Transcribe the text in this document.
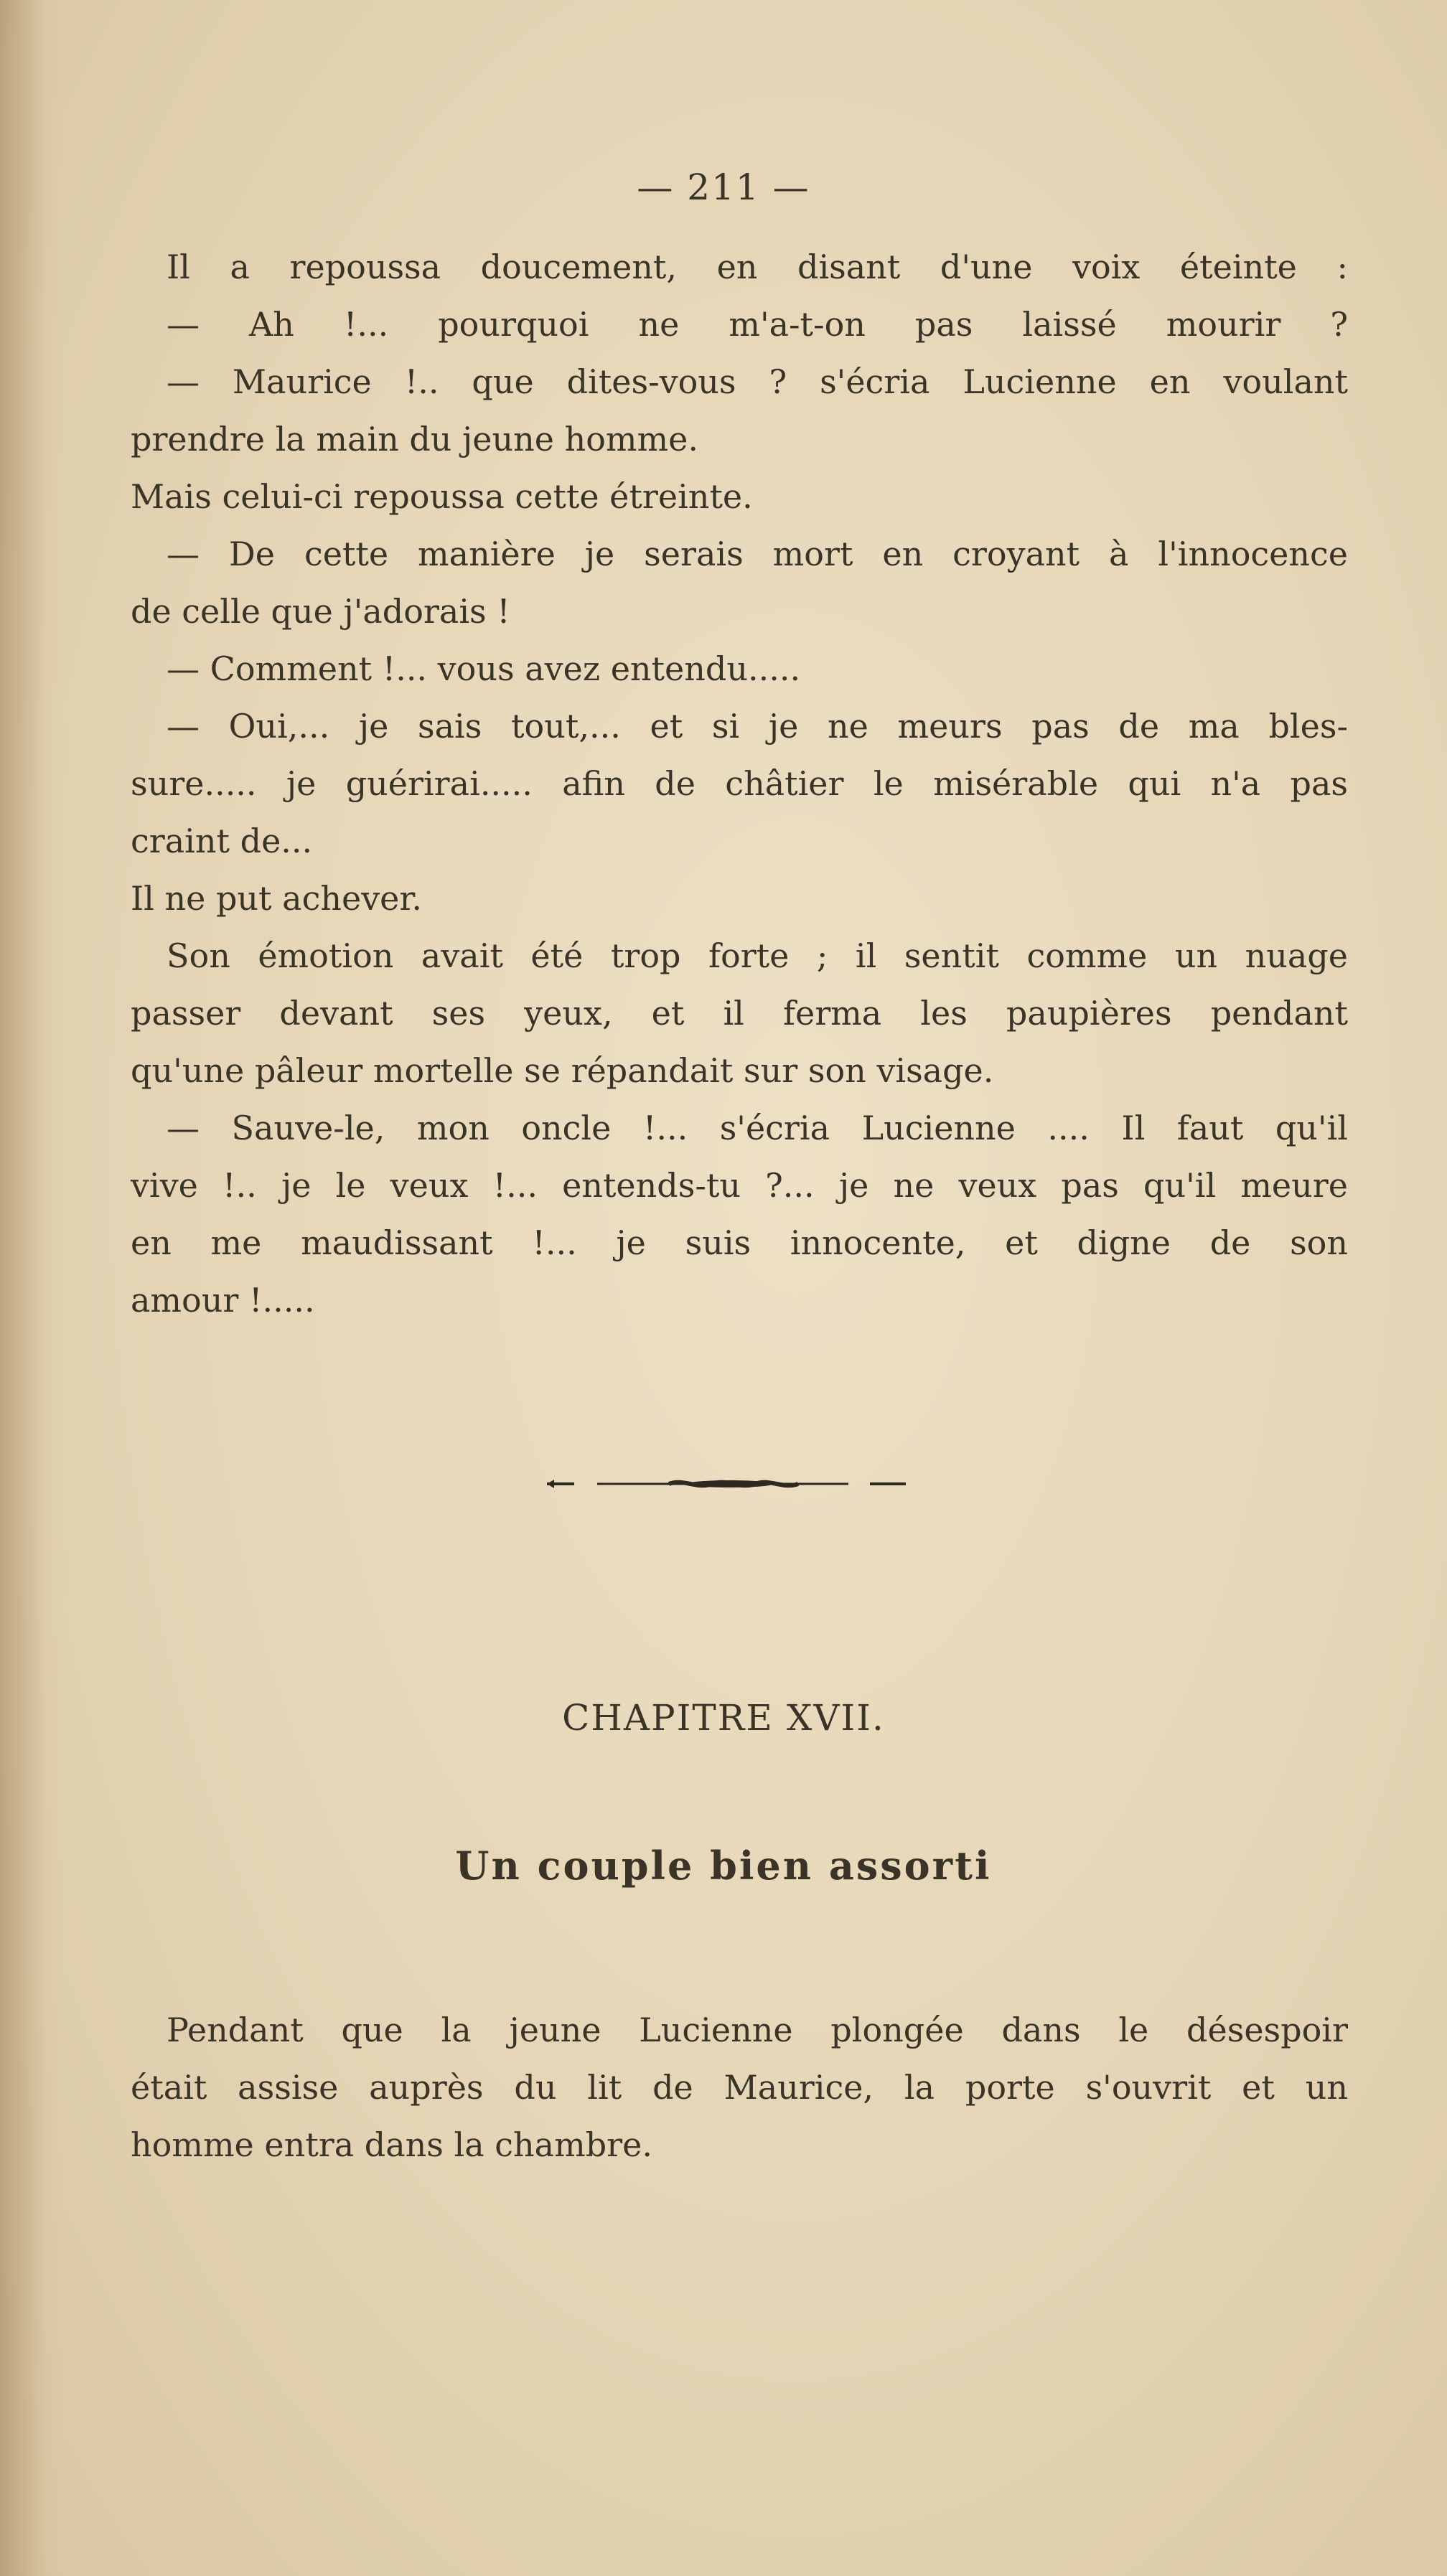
— 211 —
Il a repoussa doucement, en disant d'une voix éteinte :
— Ah !... pourquoi ne m'a-t-on pas laissé mourir ?
— Maurice !.. que dites-vous ? s'écria Lucienne en voulant
prendre la main du jeune homme.
Mais celui-ci repoussa cette étreinte.
— De cette manière je serais mort en croyant à l'innocence
de celle que j'adorais !
— Comment !... vous avez entendu.....
— Oui,... je sais tout,... et si je ne meurs pas de ma bles-
sure..... je guérirai..... afin de châtier le misérable qui n'a pas
craint de...
Il ne put achever.
Son émotion avait été trop forte ; il sentit comme un nuage
passer devant ses yeux, et il ferma les paupières pendant
qu'une pâleur mortelle se répandait sur son visage.
— Sauve-le, mon oncle !... s'écria Lucienne .... Il faut qu'il
vive !.. je le veux !... entends-tu ?... je ne veux pas qu'il meure
en me maudissant !... je suis innocente, et digne de son
amour !.....
CHAPITRE XVII.
Un couple bien assorti
Pendant que la jeune Lucienne plongée dans le désespoir
était assise auprès du lit de Maurice, la porte s'ouvrit et un
homme entra dans la chambre.
